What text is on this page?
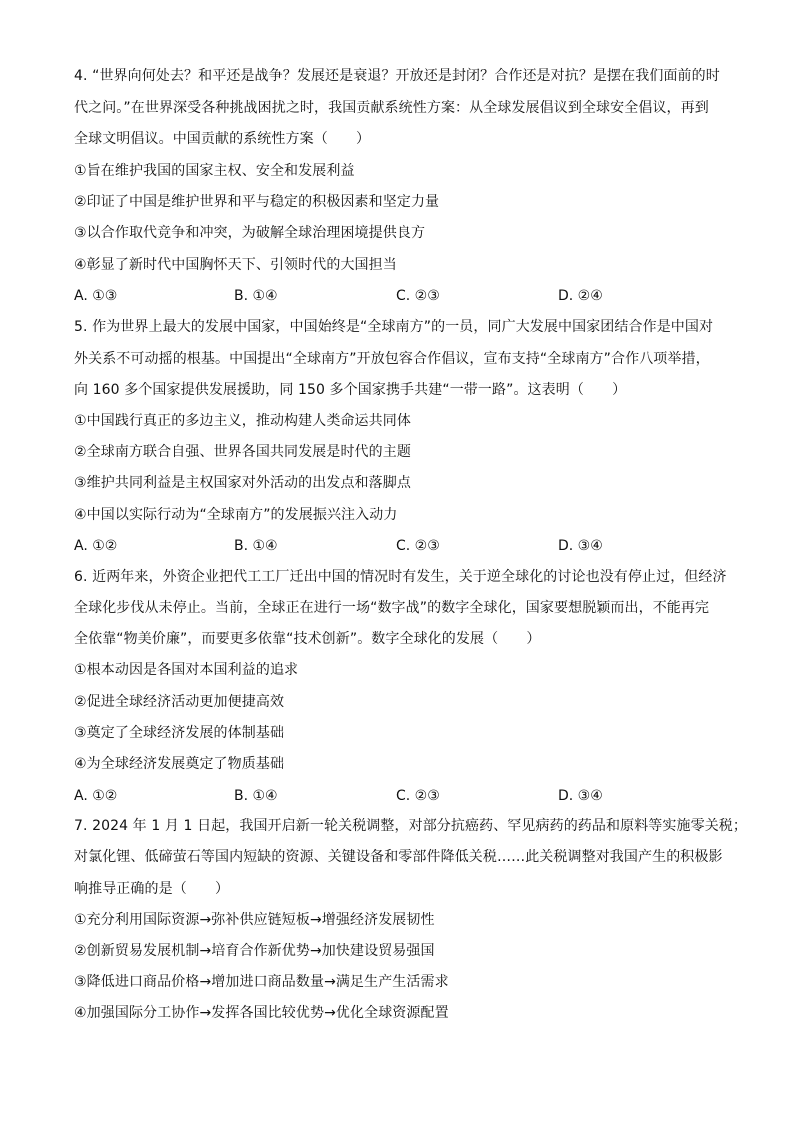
4. “世界向何处去？和平还是战争？发展还是衰退？开放还是封闭？合作还是对抗？是摆在我们面前的时
代之问。”在世界深受各种挑战困扰之时，我国贡献系统性方案：从全球发展倡议到全球安全倡议，再到
全球文明倡议。中国贡献的系统性方案（　　）
①旨在维护我国的国家主权、安全和发展利益
②印证了中国是维护世界和平与稳定的积极因素和坚定力量
③以合作取代竞争和冲突，为破解全球治理困境提供良方
④彰显了新时代中国胸怀天下、引领时代的大国担当
A. ①③	B. ①④	C. ②③	D. ②④
5. 作为世界上最大的发展中国家，中国始终是“全球南方”的一员，同广大发展中国家团结合作是中国对
外关系不可动摇的根基。中国提出“全球南方”开放包容合作倡议，宣布支持“全球南方”合作八项举措，
向 160 多个国家提供发展援助，同 150 多个国家携手共建“一带一路”。这表明（　　）
①中国践行真正的多边主义，推动构建人类命运共同体
②全球南方联合自强、世界各国共同发展是时代的主题
③维护共同利益是主权国家对外活动的出发点和落脚点
④中国以实际行动为“全球南方”的发展振兴注入动力
A. ①②	B. ①④	C. ②③	D. ③④
6. 近两年来，外资企业把代工工厂迁出中国的情况时有发生，关于逆全球化的讨论也没有停止过，但经济
全球化步伐从未停止。当前，全球正在进行一场“数字战”的数字全球化，国家要想脱颖而出，不能再完
全依靠“物美价廉”，而要更多依靠“技术创新”。数字全球化的发展（　　）
①根本动因是各国对本国利益的追求
②促进全球经济活动更加便捷高效
③奠定了全球经济发展的体制基础
④为全球经济发展奠定了物质基础
A. ①②	B. ①④	C. ②③	D. ③④
7. 2024 年 1 月 1 日起，我国开启新一轮关税调整，对部分抗癌药、罕见病药的药品和原料等实施零关税；
对氯化锂、低碲萤石等国内短缺的资源、关键设备和零部件降低关税……此关税调整对我国产生的积极影
响推导正确的是（　　）
①充分利用国际资源→弥补供应链短板→增强经济发展韧性
②创新贸易发展机制→培育合作新优势→加快建设贸易强国
③降低进口商品价格→增加进口商品数量→满足生产生活需求
④加强国际分工协作→发挥各国比较优势→优化全球资源配置
